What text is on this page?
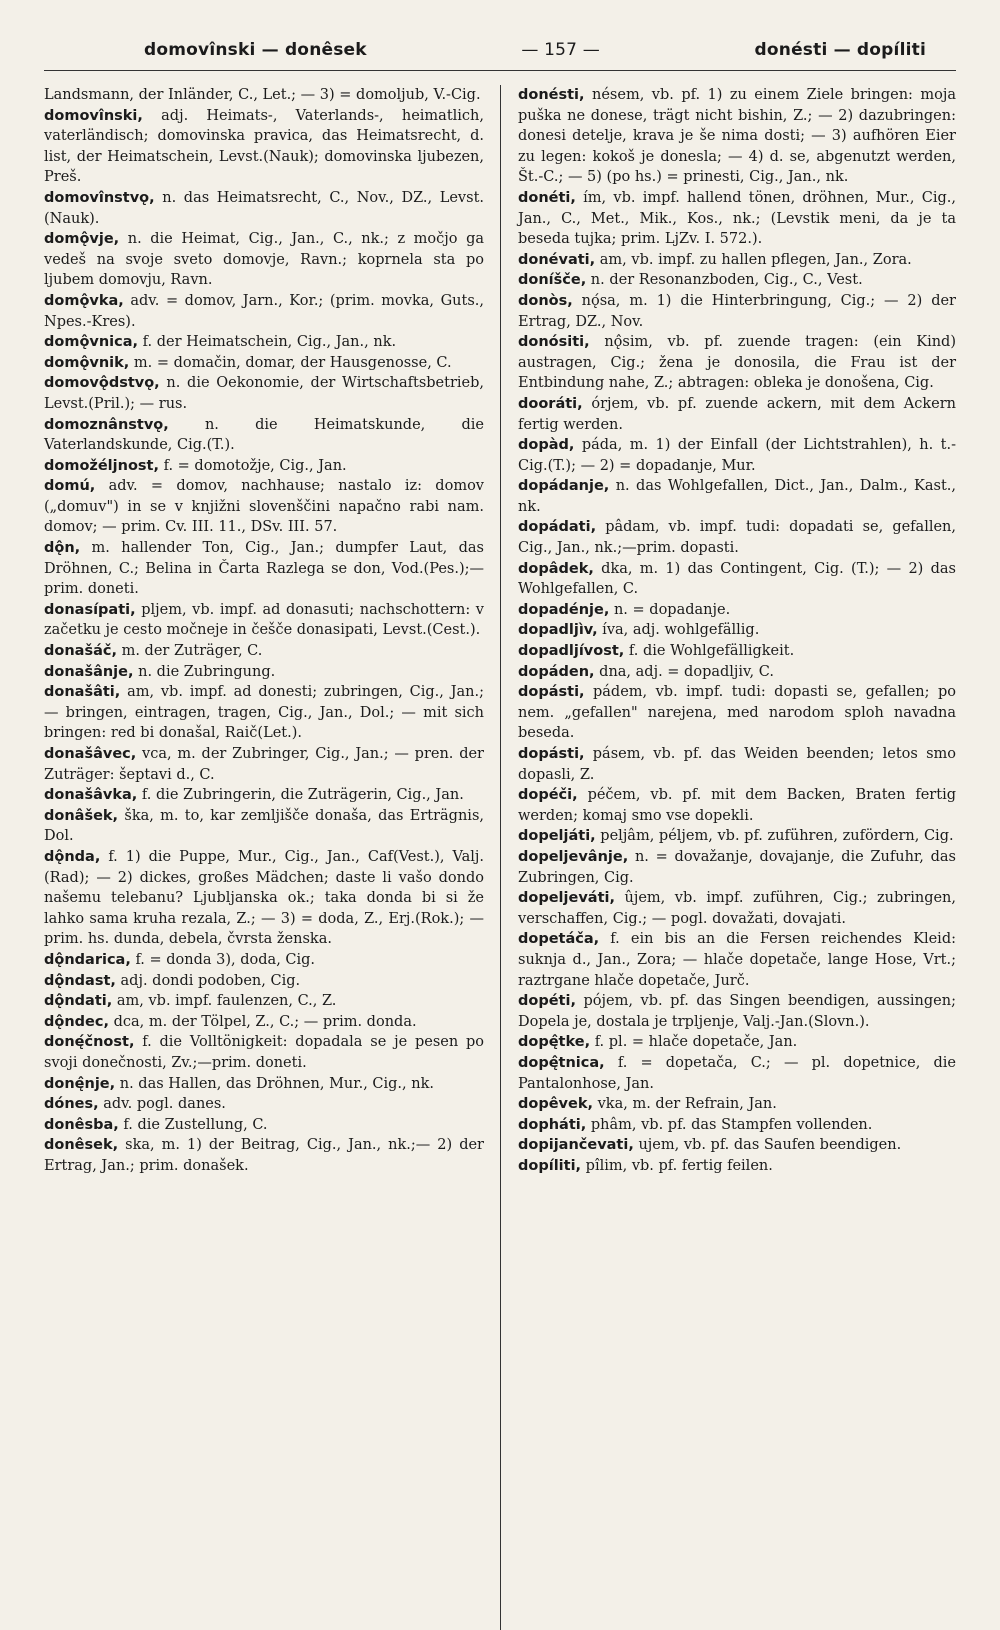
domovînski — donêsek	— 157 —	donésti — dopíliti

Landsmann, der Inländer, C., Let.; — 3) = domoljub, V.-Cig.

domovînski, adj. Heimats-, Vaterlands-, heimatlich, vaterländisch; domovinska pravica, das Heimatsrecht, d. list, der Heimatschein, Levst.(Nauk); domovinska ljubezen, Preš.

domovînstvǫ, n. das Heimatsrecht, C., Nov., DZ., Levst.(Nauk).

domǫ̂vje, n. die Heimat, Cig., Jan., C., nk.; z močjo ga vedeš na svoje sveto domovje, Ravn.; koprnela sta po ljubem domovju, Ravn.

domǫ̂vka, adv. = domov, Jarn., Kor.; (prim. movka, Guts., Npes.-Kres).

domǫ̂vnica, f. der Heimatschein, Cig., Jan., nk.

domǫ̂vnik, m. = domačin, domar, der Hausgenosse, C.

domovǫ̂dstvǫ, n. die Oekonomie, der Wirtschaftsbetrieb, Levst.(Pril.); — rus.

domoznânstvǫ, n. die Heimatskunde, die Vaterlandskunde, Cig.(T.).

domožéljnost, f. = domotožje, Cig., Jan.

domú, adv. = domov, nachhause; nastalo iz: domov („domuv") in se v knjižni slovenščini napačno rabi nam. domov; — prim. Cv. III. 11., DSv. III. 57.

dǫ̂n, m. hallender Ton, Cig., Jan.; dumpfer Laut, das Dröhnen, C.; Belina in Čarta Razlega se don, Vod.(Pes.);—prim. doneti.

donasípati, pljem, vb. impf. ad donasuti; nachschottern: v začetku je cesto močneje in češče donasipati, Levst.(Cest.).

donašáč, m. der Zuträger, C.

donašânje, n. die Zubringung.

donašâti, am, vb. impf. ad donesti; zubringen, Cig., Jan.; — bringen, eintragen, tragen, Cig., Jan., Dol.; — mit sich bringen: red bi donašal, Raič(Let.).

donašâvec, vca, m. der Zubringer, Cig., Jan.; — pren. der Zuträger: šeptavi d., C.

donašâvka, f. die Zubringerin, die Zuträgerin, Cig., Jan.

donâšek, ška, m. to, kar zemljišče donaša, das Erträgnis, Dol.

dǫ̂nda, f. 1) die Puppe, Mur., Cig., Jan., Caf(Vest.), Valj.(Rad); — 2) dickes, großes Mädchen; daste li vašo dondo našemu telebanu? Ljubljanska ok.; taka donda bi si že lahko sama kruha rezala, Z.; — 3) = doda, Z., Erj.(Rok.); — prim. hs. dunda, debela, čvrsta ženska.

dǫ̂ndarica, f. = donda 3), doda, Cig.

dǫ̂ndast, adj. dondi podoben, Cig.

dǫ̂ndati, am, vb. impf. faulenzen, C., Z.

dǫ̂ndec, dca, m. der Tölpel, Z., C.; — prim. donda.

donę́čnost, f. die Volltönigkeit: dopadala se je pesen po svoji donečnosti, Zv.;—prim. doneti.

donę̂nje, n. das Hallen, das Dröhnen, Mur., Cig., nk.

dónes, adv. pogl. danes.

donêsba, f. die Zustellung, C.

donêsek, ska, m. 1) der Beitrag, Cig., Jan., nk.;— 2) der Ertrag, Jan.; prim. donašek.

donésti, nésem, vb. pf. 1) zu einem Ziele bringen: moja puška ne donese, trägt nicht bishin, Z.; — 2) dazubringen: donesi detelje, krava je še nima dosti; — 3) aufhören Eier zu legen: kokoš je donesla; — 4) d. se, abgenutzt werden, Št.-C.; — 5) (po hs.) = prinesti, Cig., Jan., nk.

donéti, ím, vb. impf. hallend tönen, dröhnen, Mur., Cig., Jan., C., Met., Mik., Kos., nk.; (Levstik meni, da je ta beseda tujka; prim. LjZv. I. 572.).

donévati, am, vb. impf. zu hallen pflegen, Jan., Zora.

doníšče, n. der Resonanzboden, Cig., C., Vest.

donòs, nǫ́sa, m. 1) die Hinterbringung, Cig.; — 2) der Ertrag, DZ., Nov.

donósiti, nǫ̂sim, vb. pf. zuende tragen: (ein Kind) austragen, Cig.; žena je donosila, die Frau ist der Entbindung nahe, Z.; abtragen: obleka je donošena, Cig.

dooráti, órjem, vb. pf. zuende ackern, mit dem Ackern fertig werden.

dopàd, páda, m. 1) der Einfall (der Lichtstrahlen), h. t.-Cig.(T.); — 2) = dopadanje, Mur.

dopádanje, n. das Wohlgefallen, Dict., Jan., Dalm., Kast., nk.

dopádati, pâdam, vb. impf. tudi: dopadati se, gefallen, Cig., Jan., nk.;—prim. dopasti.

dopâdek, dka, m. 1) das Contingent, Cig. (T.); — 2) das Wohlgefallen, C.

dopadénje, n. = dopadanje.

dopadljìv, íva, adj. wohlgefällig.

dopadljívost, f. die Wohlgefälligkeit.

dopáden, dna, adj. = dopadljiv, C.

dopásti, pádem, vb. impf. tudi: dopasti se, gefallen; po nem. „gefallen" narejena, med narodom sploh navadna beseda.

dopásti, pásem, vb. pf. das Weiden beenden; letos smo dopasli, Z.

dopéči, péčem, vb. pf. mit dem Backen, Braten fertig werden; komaj smo vse dopekli.

dopeljáti, peljâm, péljem, vb. pf. zuführen, zufördern, Cig.

dopeljevânje, n. = dovažanje, dovajanje, die Zufuhr, das Zubringen, Cig.

dopeljeváti, ûjem, vb. impf. zuführen, Cig.; zubringen, verschaffen, Cig.; — pogl. dovažati, dovajati.

dopetáča, f. ein bis an die Fersen reichendes Kleid: suknja d., Jan., Zora; — hlače dopetače, lange Hose, Vrt.; raztrgane hlače dopetače, Jurč.

dopéti, pójem, vb. pf. das Singen beendigen, aussingen; Dopela je, dostala je trpljenje, Valj.-Jan.(Slovn.).

dopę̂tke, f. pl. = hlače dopetače, Jan.

dopę̂tnica, f. = dopetača, C.; — pl. dopetnice, die Pantalonhose, Jan.

dopêvek, vka, m. der Refrain, Jan.

dopháti, phâm, vb. pf. das Stampfen vollenden.

dopijančevati, ujem, vb. pf. das Saufen beendigen.

dopíliti, pîlim, vb. pf. fertig feilen.
